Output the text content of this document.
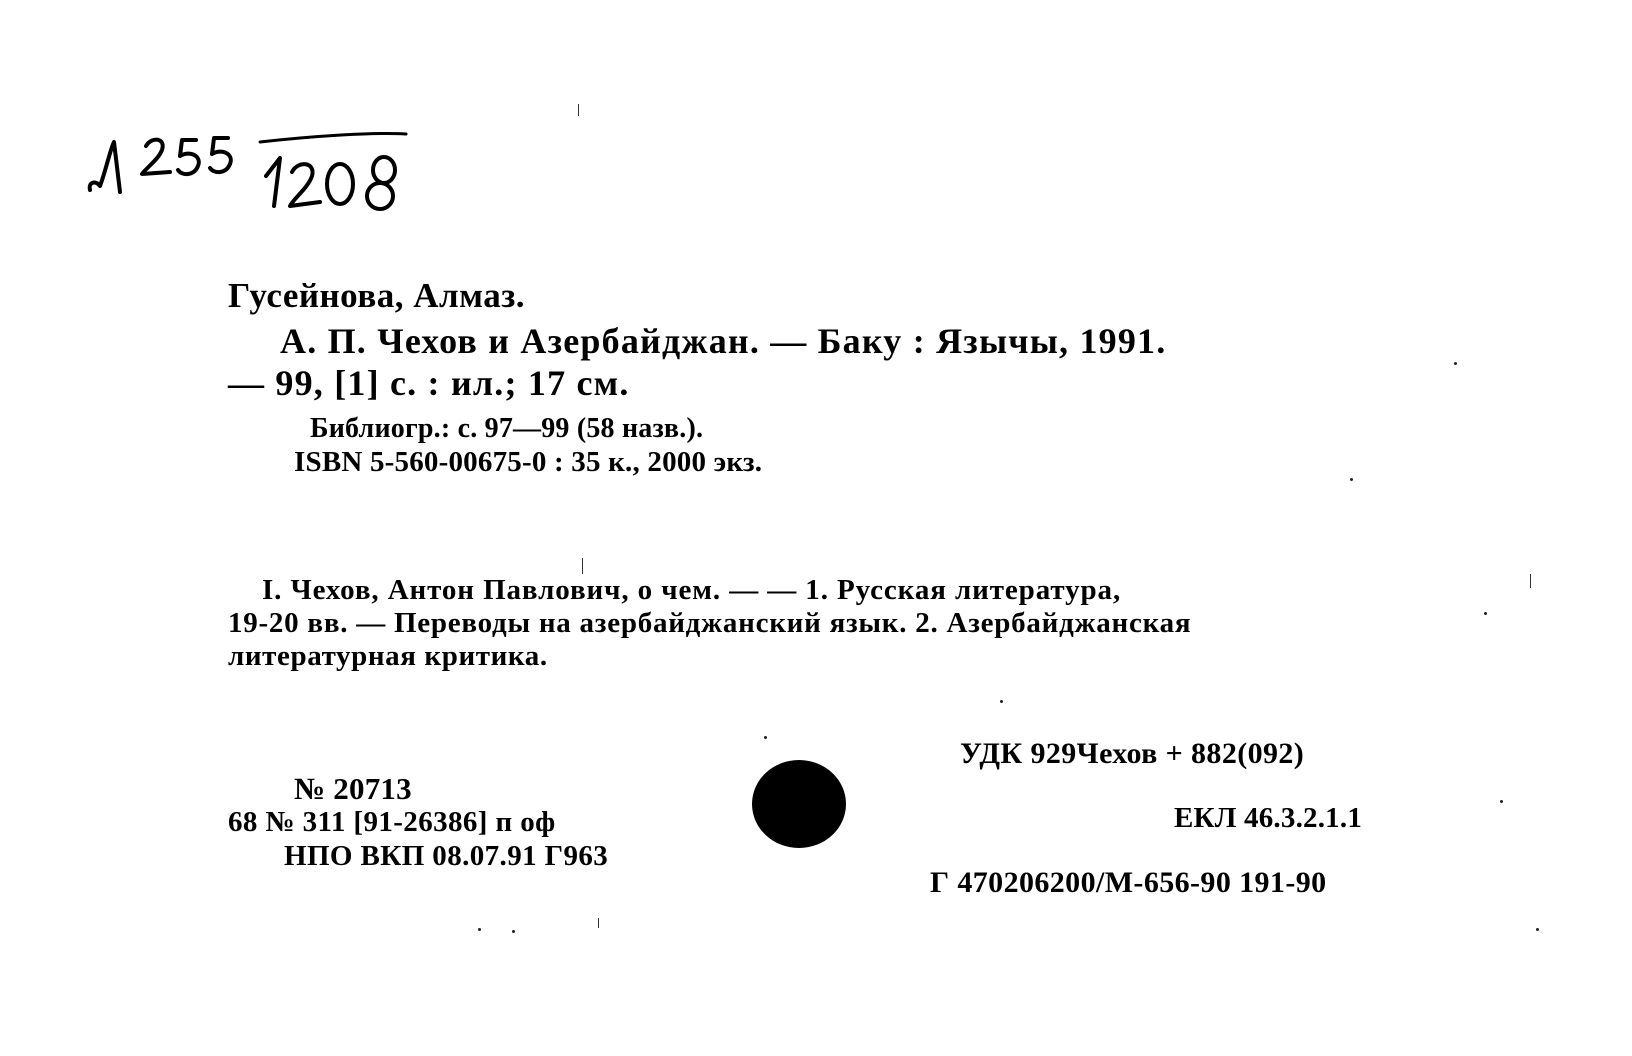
Гусейнова, Алмаз.
А. П. Чехов и Азербайджан. — Баку : Язычы, 1991.
— 99, [1] с. : ил.; 17 см.
Библиогр.: с. 97—99 (58 назв.).
ISBN 5-560-00675-0 : 35 к., 2000 экз.
I. Чехов, Антон Павлович, о чем. — — 1. Русская литература,
19-20 вв. — Переводы на азербайджанский язык. 2. Азербайджанская
литературная критика.
№ 20713
68 № 311 [91-26386] п оф
НПО ВКП 08.07.91 Г963
УДК 929Чехов + 882(092)
ЕКЛ 46.3.2.1.1
Г 470206200/М-656-90 191-90
